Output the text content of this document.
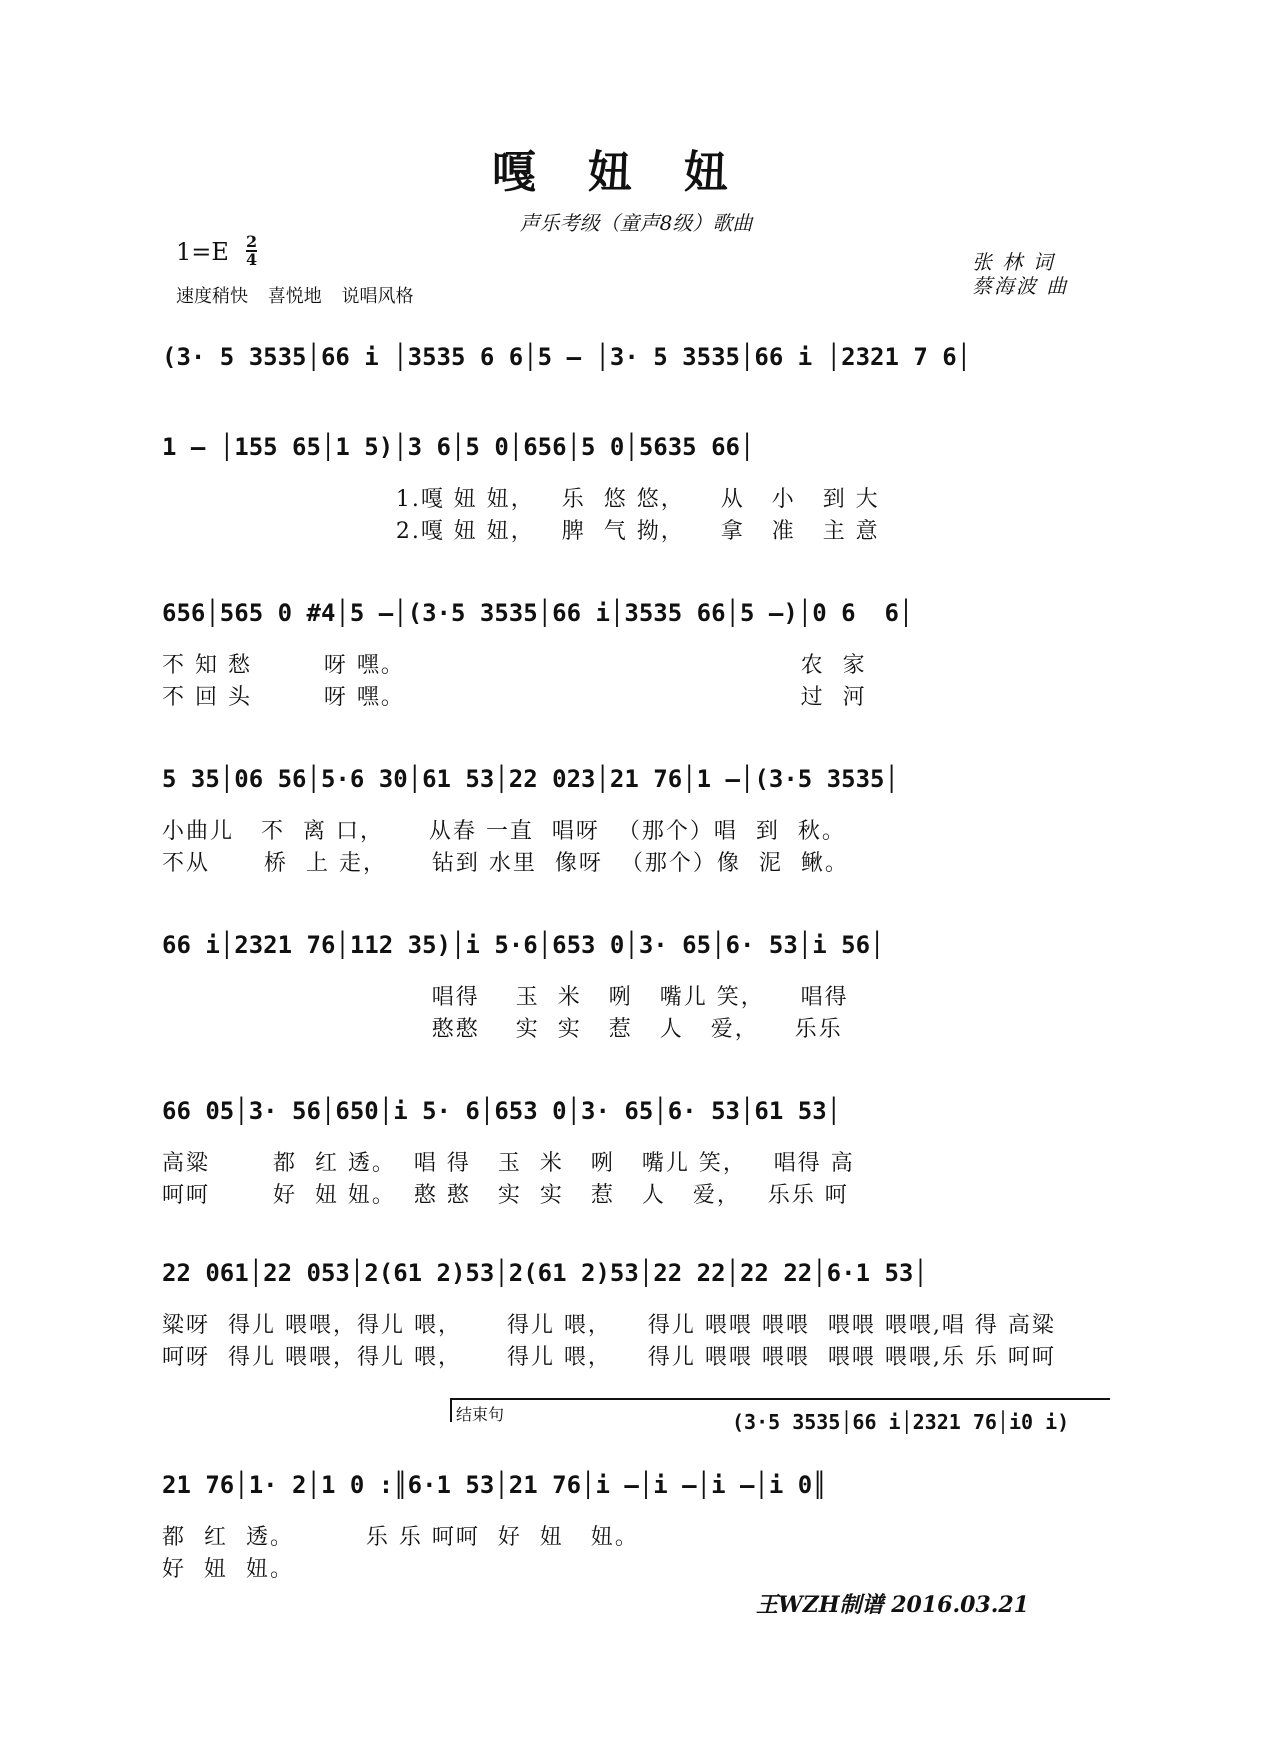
嘎妞妞
声乐考级（童声8级）歌曲
$1=E \frac{2}{4}$
速度稍快 喜悦地 说唱风格
张 林 词
蔡海波 曲
(3· 5 3535│66 i │3535 6 6│5 – │3· 5 3535│66 i │2321 7 6│
1 – │155 65│1 5)│3 6│5 0│656│5 0│5635 66│
1.嘎 妞 妞，   乐  悠 悠，    从   小   到 大
2.嘎 妞 妞，   脾  气 拗，    拿   准   主 意
656│565 0 #4│5 –│(3·5 3535│66 i│3535 66│5 –)│0 6  6│
不 知 愁        呀 嘿。                                            农  家
不 回 头        呀 嘿。                                            过  河
5 35│06 56│5·6 30│61 53│22 023│21 76│1 –│(3·5 3535│
小曲儿   不  离 口，     从春 一直  唱呀  （那个）唱  到  秋。
不从      桥  上 走，     钻到 水里  像呀  （那个）像  泥  鳅。
66 i│2321 76│112 35)│i 5·6│653 0│3· 65│6· 53│i 56│
唱得    玉  米   咧   嘴儿 笑，    唱得
憨憨    实  实   惹   人   爱，    乐乐
66 05│3· 56│650│i 5· 6│653 0│3· 65│6· 53│61 53│
高粱       都  红 透。  唱 得   玉  米   咧   嘴儿 笑，   唱得 高
呵呵       好  妞 妞。  憨 憨   实  实   惹   人   爱，   乐乐 呵
22 061│22 053│2(61 2)53│2(61 2)53│22 22│22 22│6·1 53│
粱呀  得儿 喂喂，得儿 喂，     得儿 喂，    得儿 喂喂 喂喂  喂喂 喂喂,唱 得 高粱
呵呀  得儿 喂喂，得儿 喂，     得儿 喂，    得儿 喂喂 喂喂  喂喂 喂喂,乐 乐 呵呵
结束句	(3·5 3535│66 i│2321 76│i0 i)
21 76│1· 2│1 0 :║6·1 53│21 76│i –│i –│i –│i 0║
都  红  透。        乐 乐 呵呵  好  妞   妞。
好  妞  妞。
王WZH制谱 2016.03.21
